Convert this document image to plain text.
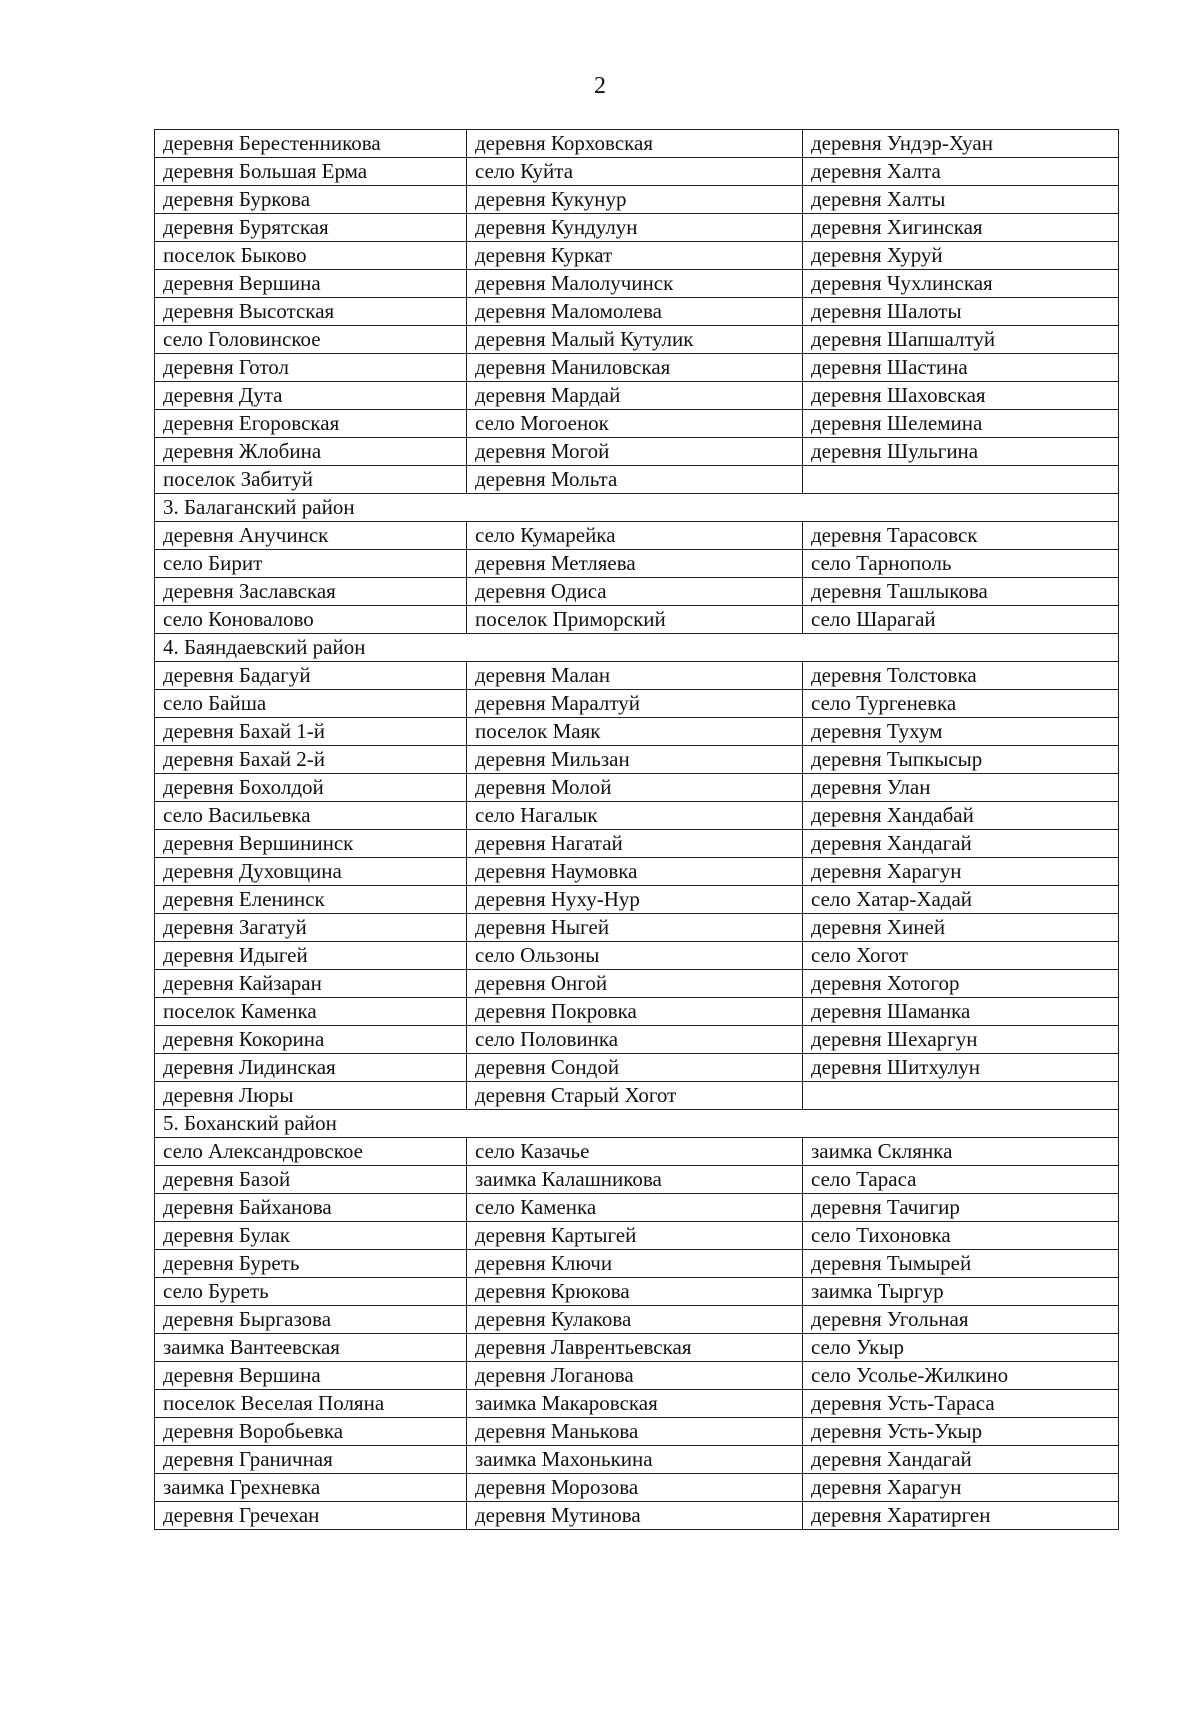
2
деревня Берестенникова	деревня Корховская	деревня Ундэр-Хуан
деревня Большая Ерма	село Куйта	деревня Халта
деревня Буркова	деревня Кукунур	деревня Халты
деревня Бурятская	деревня Кундулун	деревня Хигинская
поселок Быково	деревня Куркат	деревня Хуруй
деревня Вершина	деревня Малолучинск	деревня Чухлинская
деревня Высотская	деревня Маломолева	деревня Шалоты
село Головинское	деревня Малый Кутулик	деревня Шапшалтуй
деревня Готол	деревня Маниловская	деревня Шастина
деревня Дута	деревня Мардай	деревня Шаховская
деревня Егоровская	село Могоенок	деревня Шелемина
деревня Жлобина	деревня Могой	деревня Шульгина
поселок Забитуй	деревня Мольта	
3. Балаганский район		
деревня Анучинск	село Кумарейка	деревня Тарасовск
село Бирит	деревня Метляева	село Тарнополь
деревня Заславская	деревня Одиса	деревня Ташлыкова
село Коновалово	поселок Приморский	село Шарагай
4. Баяндаевский район		
деревня Бадагуй	деревня Малан	деревня Толстовка
село Байша	деревня Маралтуй	село Тургеневка
деревня Бахай 1-й	поселок Маяк	деревня Тухум
деревня Бахай 2-й	деревня Мильзан	деревня Тыпкысыр
деревня Бохолдой	деревня Молой	деревня Улан
село Васильевка	село Нагалык	деревня Хандабай
деревня Вершининск	деревня Нагатай	деревня Хандагай
деревня Духовщина	деревня Наумовка	деревня Харагун
деревня Еленинск	деревня Нуху-Нур	село Хатар-Хадай
деревня Загатуй	деревня Ныгей	деревня Хиней
деревня Идыгей	село Ользоны	село Хогот
деревня Кайзаран	деревня Онгой	деревня Хотогор
поселок Каменка	деревня Покровка	деревня Шаманка
деревня Кокорина	село Половинка	деревня Шехаргун
деревня Лидинская	деревня Сондой	деревня Шитхулун
деревня Люры	деревня Старый Хогот	
5. Боханский район		
село Александровское	село Казачье	заимка Склянка
деревня Базой	заимка Калашникова	село Тараса
деревня Байханова	село Каменка	деревня Тачигир
деревня Булак	деревня Картыгей	село Тихоновка
деревня Буреть	деревня Ключи	деревня Тымырей
село Буреть	деревня Крюкова	заимка Тыргур
деревня Быргазова	деревня Кулакова	деревня Угольная
заимка Вантеевская	деревня Лаврентьевская	село Укыр
деревня Вершина	деревня Логанова	село Усолье-Жилкино
поселок Веселая Поляна	заимка Макаровская	деревня Усть-Тараса
деревня Воробьевка	деревня Манькова	деревня Усть-Укыр
деревня Граничная	заимка Махонькина	деревня Хандагай
заимка Грехневка	деревня Морозова	деревня Харагун
деревня Гречехан	деревня Мутинова	деревня Харатирген
